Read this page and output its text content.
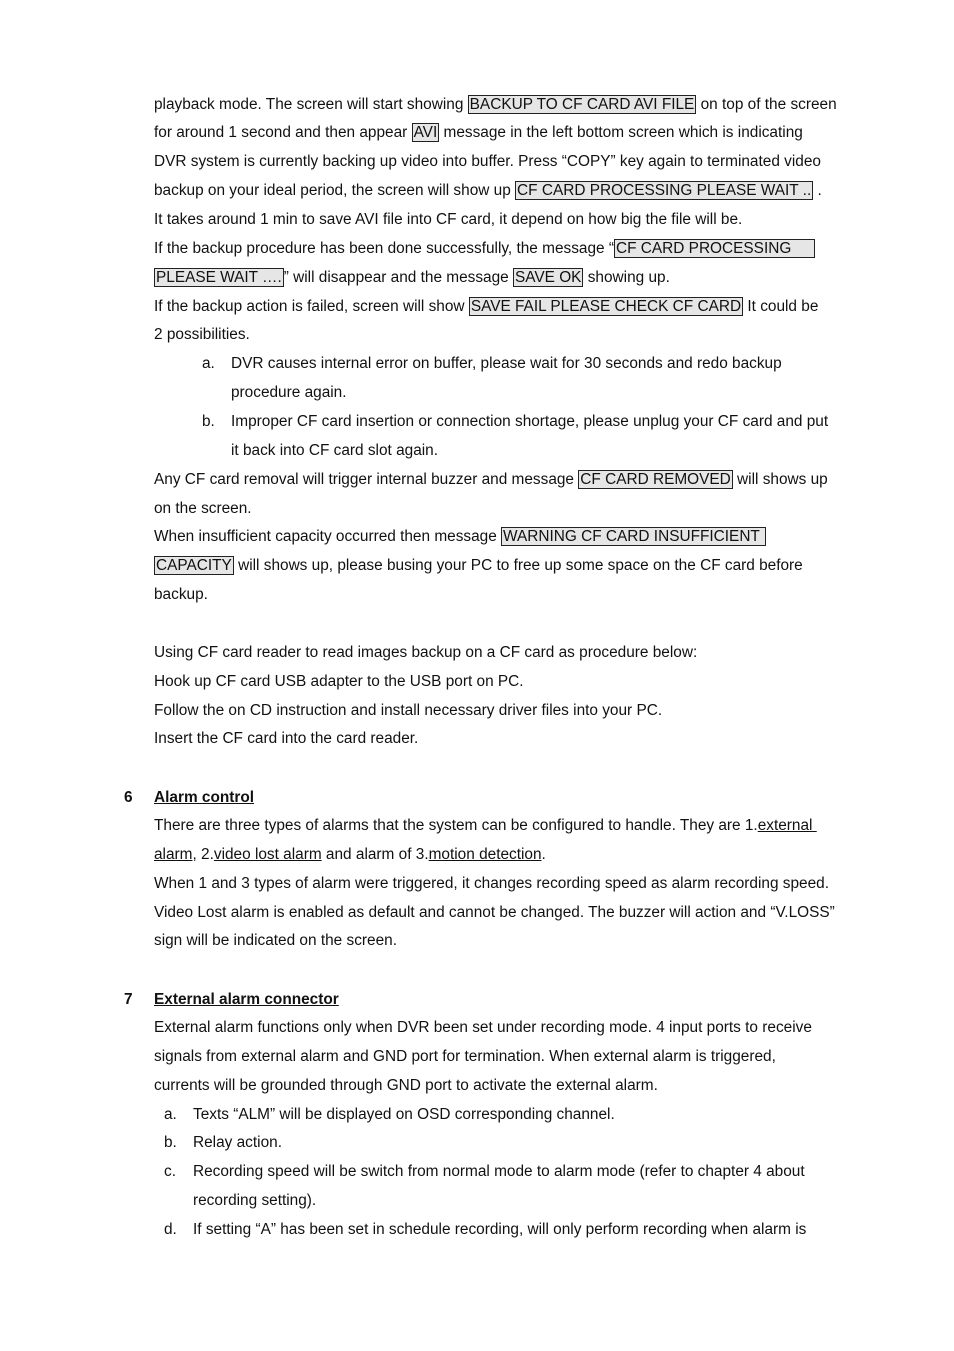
playback mode. The screen will start showing BACKUP TO CF CARD AVI FILE on top of the screen
for around 1 second and then appear AVI message in the left bottom screen which is indicating
DVR system is currently backing up video into buffer. Press “COPY” key again to terminated video
backup on your ideal period, the screen will show up CF CARD PROCESSING PLEASE WAIT .. .
It takes around 1 min to save AVI file into CF card, it depend on how big the file will be.
If the backup procedure has been done successfully, the message “ CF CARD PROCESSING
PLEASE WAIT …. ” will disappear and the message SAVE OK showing up.
If the backup action is failed, screen will show SAVE FAIL PLEASE CHECK CF CARD It could be
2 possibilities.
a. DVR causes internal error on buffer, please wait for 30 seconds and redo backup
procedure again.
b. Improper CF card insertion or connection shortage, please unplug your CF card and put
it back into CF card slot again.
Any CF card removal will trigger internal buzzer and message CF CARD REMOVED will shows up
on the screen.
When insufficient capacity occurred then message WARNING CF CARD INSUFFICIENT
CAPACITY will shows up, please busing your PC to free up some space on the CF card before
backup.
Using CF card reader to read images backup on a CF card as procedure below:
Hook up CF card USB adapter to the USB port on PC.
Follow the on CD instruction and install necessary driver files into your PC.
Insert the CF card into the card reader.
6 Alarm control
There are three types of alarms that the system can be configured to handle. They are 1.external
alarm, 2.video lost alarm and alarm of 3.motion detection.
When 1 and 3 types of alarm were triggered, it changes recording speed as alarm recording speed.
Video Lost alarm is enabled as default and cannot be changed. The buzzer will action and “V.LOSS”
sign will be indicated on the screen.
7 External alarm connector
External alarm functions only when DVR been set under recording mode. 4 input ports to receive
signals from external alarm and GND port for termination. When external alarm is triggered,
currents will be grounded through GND port to activate the external alarm.
a. Texts “ALM” will be displayed on OSD corresponding channel.
b. Relay action.
c. Recording speed will be switch from normal mode to alarm mode (refer to chapter 4 about
recording setting).
d. If setting “A” has been set in schedule recording, will only perform recording when alarm is
